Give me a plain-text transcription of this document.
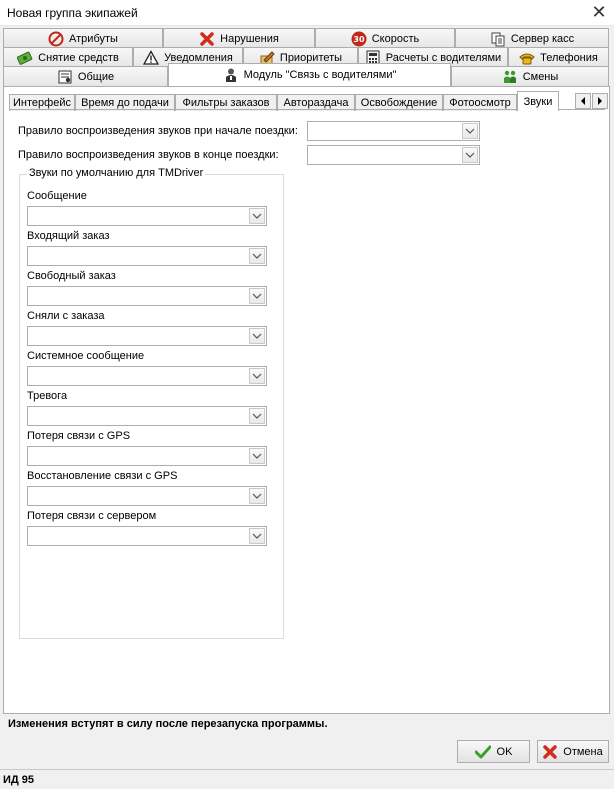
Новая группа экипажей	✕
Атрибуты	Нарушения	30 Скорость	Сервер касс
Снятие средств	Уведомления	Приоритеты	Расчеты с водителями	Телефония
Общие	Модуль "Связь с водителями"	Смены
Интерфейс Время до подачи Фильтры заказов Автораздача Освобождение Фотоосмотр Звуки
Правило воспроизведения звуков при начале поездки:
Правило воспроизведения звуков в конце поездки:
Звуки по умолчанию для TMDriver
Сообщение
Входящий заказ
Свободный заказ
Сняли с заказа
Системное сообщение
Тревога
Потеря связи с GPS
Восстановление связи с GPS
Потеря связи с сервером
Изменения вступят в силу после перезапуска программы.
OK	Отмена
ИД 95
